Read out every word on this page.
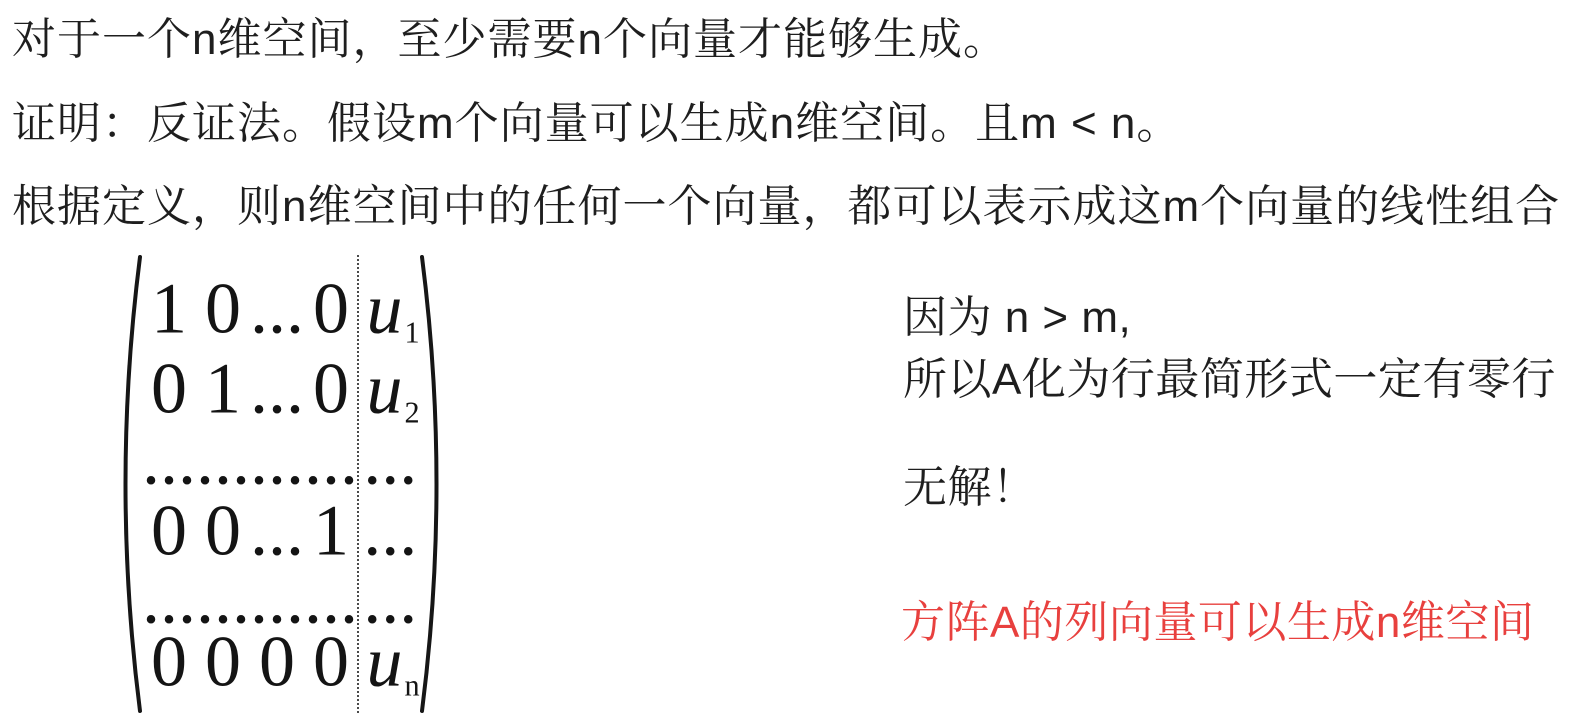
对于一个n维空间，至少需要n个向量才能够生成。

证明：反证法。假设m个向量可以生成n维空间。且m < n。

根据定义，则n维空间中的任何一个向量，都可以表示成这m个向量的线性组合

1 0 ... 0 $u_1$
0 1 ... 0 $u_2$
... ... ... ... ...
0 0 ... 1 ...
... ... ... ... ...
0 0 0 0 $u_n$

因为 n > m,

所以A化为行最简形式一定有零行

无解！

方阵A的列向量可以生成n维空间
